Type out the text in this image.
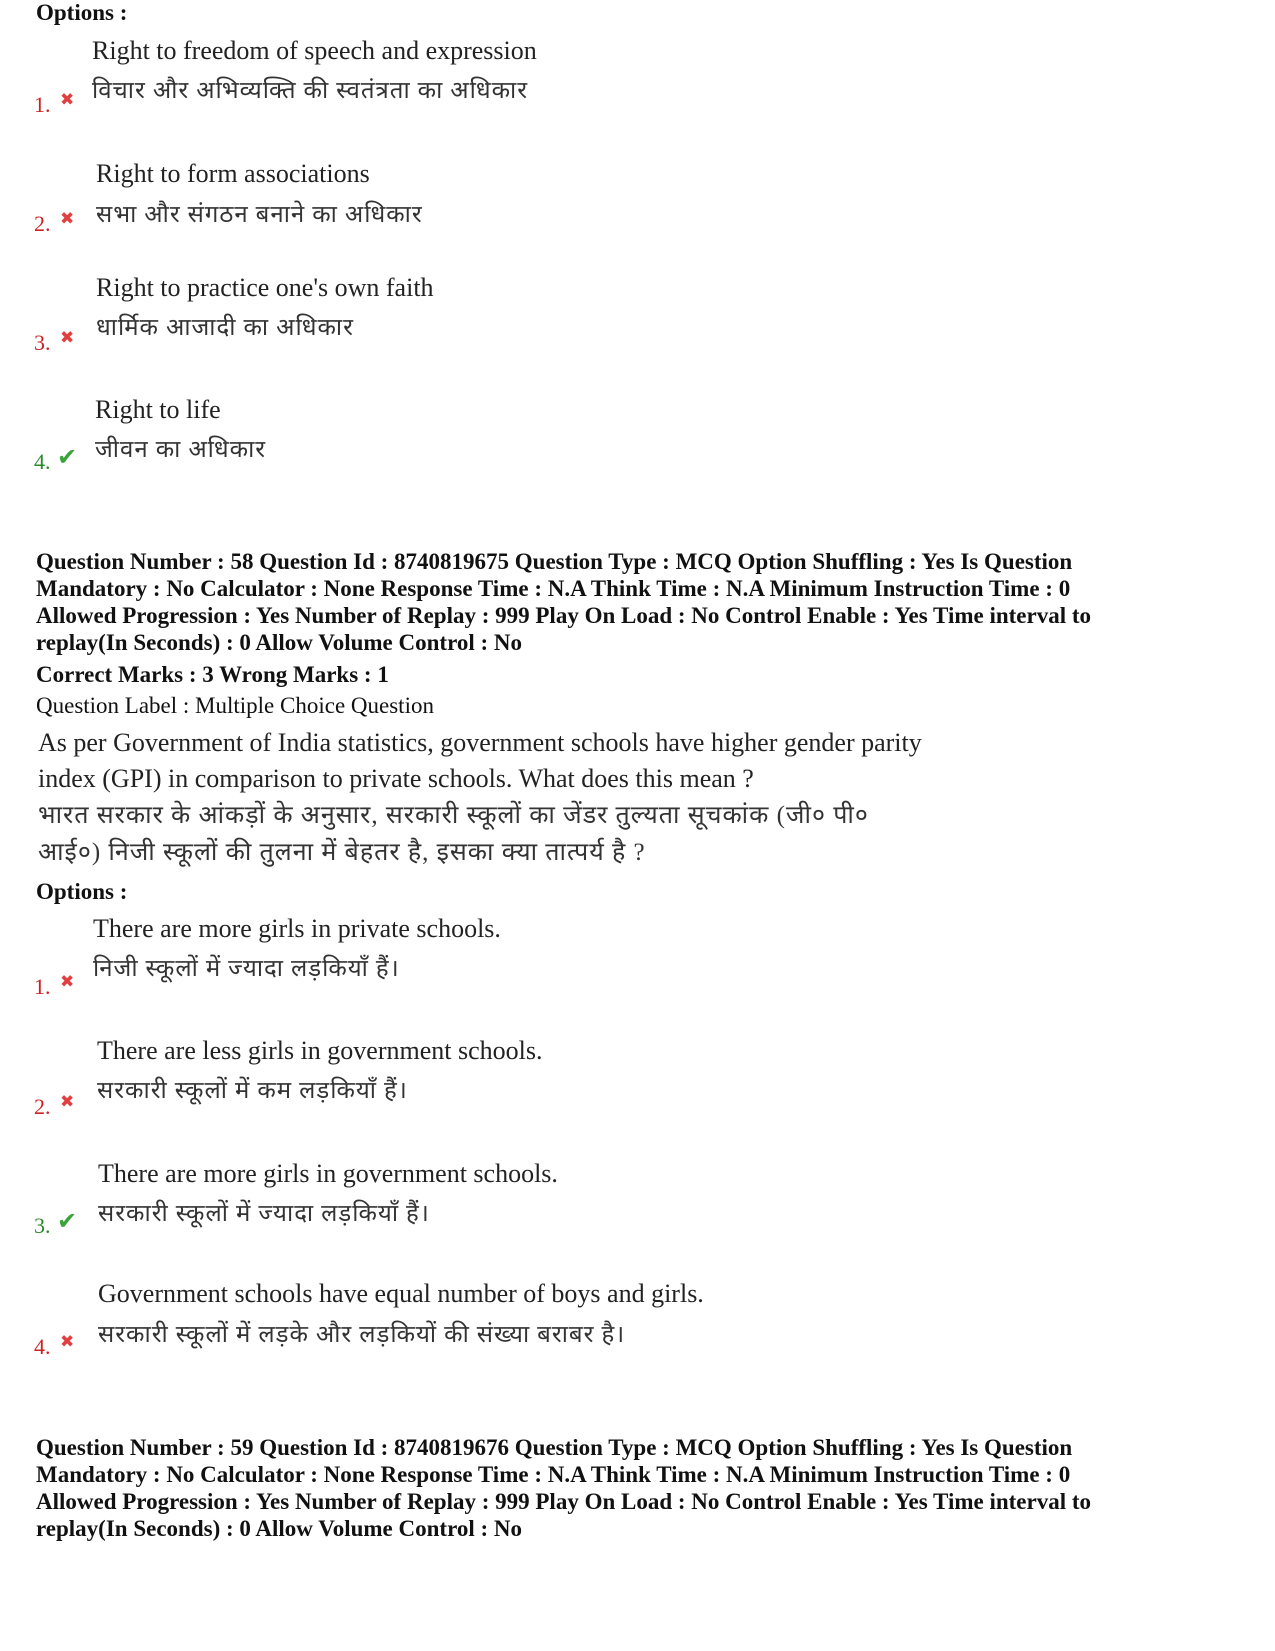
Options :
Right to freedom of speech and expression
विचार और अभिव्यक्ति की स्वतंत्रता का अधिकार
1. ✖
Right to form associations
सभा और संगठन बनाने का अधिकार
2. ✖
Right to practice one's own faith
धार्मिक आजादी का अधिकार
3. ✖
Right to life
जीवन का अधिकार
4. ✔
Question Number : 58 Question Id : 8740819675 Question Type : MCQ Option Shuffling : Yes Is Question
Mandatory : No Calculator : None Response Time : N.A Think Time : N.A Minimum Instruction Time : 0
Allowed Progression : Yes Number of Replay : 999 Play On Load : No Control Enable : Yes Time interval to
replay(In Seconds) : 0 Allow Volume Control : No
Correct Marks : 3 Wrong Marks : 1
Question Label : Multiple Choice Question
As per Government of India statistics, government schools have higher gender parity
index (GPI) in comparison to private schools. What does this mean ?
भारत सरकार के आंकड़ों के अनुसार, सरकारी स्कूलों का जेंडर तुल्यता सूचकांक (जी० पी०
आई०) निजी स्कूलों की तुलना में बेहतर है, इसका क्या तात्पर्य है ?
Options :
There are more girls in private schools.
निजी स्कूलों में ज्यादा लड़कियाँ हैं।
1. ✖
There are less girls in government schools.
सरकारी स्कूलों में कम लड़कियाँ हैं।
2. ✖
There are more girls in government schools.
सरकारी स्कूलों में ज्यादा लड़कियाँ हैं।
3. ✔
Government schools have equal number of boys and girls.
सरकारी स्कूलों में लड़के और लड़कियों की संख्या बराबर है।
4. ✖
Question Number : 59 Question Id : 8740819676 Question Type : MCQ Option Shuffling : Yes Is Question
Mandatory : No Calculator : None Response Time : N.A Think Time : N.A Minimum Instruction Time : 0
Allowed Progression : Yes Number of Replay : 999 Play On Load : No Control Enable : Yes Time interval to
replay(In Seconds) : 0 Allow Volume Control : No
